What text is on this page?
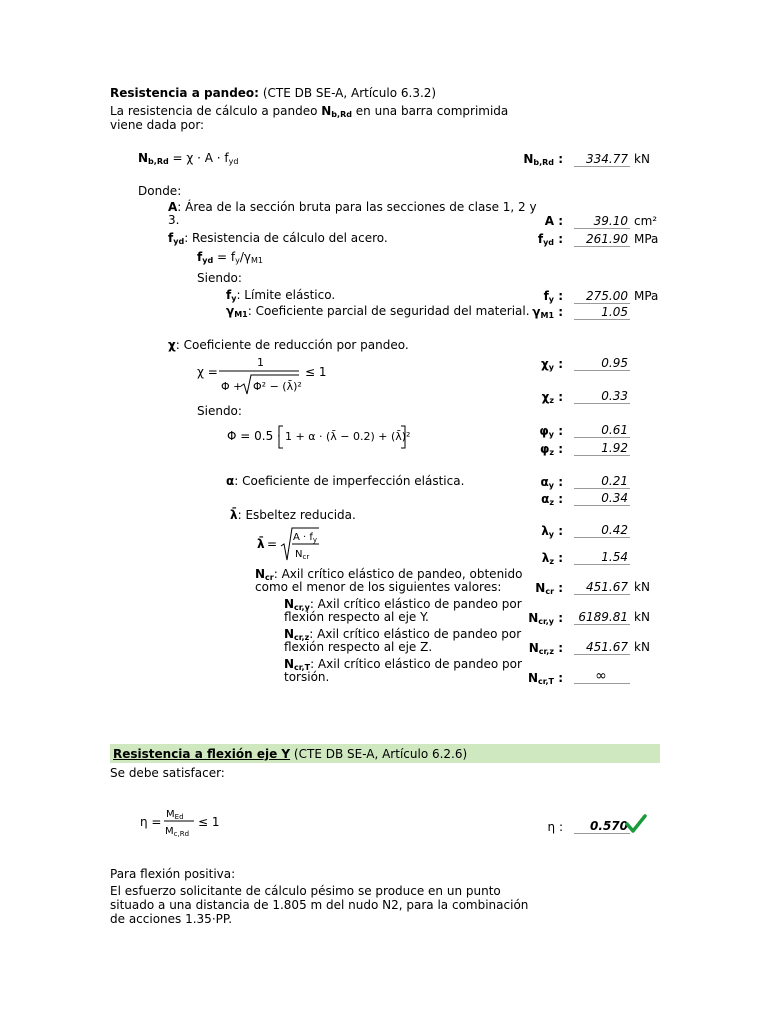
Resistencia a pandeo: (CTE DB SE-A, Artículo 6.3.2)
La resistencia de cálculo a pandeo $N_{b,Rd}$ en una barra comprimida
viene dada por:
$N_{b,Rd} = \chi \cdot A \cdot f_{yd}$	$N_{b,Rd}$ :	334.77 kN
Donde:
A: Área de la sección bruta para las secciones de clase 1, 2 y
3.	A :	39.10 cm²
$f_{yd}$: Resistencia de cálculo del acero.	$f_{yd}$ :	261.90 MPa
$f_{yd} = f_y/\gamma_{M1}$
Siendo:
$f_y$: Límite elástico.	$f_y$ :	275.00 MPa
$\gamma_{M1}$: Coeficiente parcial de seguridad del material. $\gamma_{M1}$ :	1.05
χ: Coeficiente de reducción por pandeo.
χ =
1
Φ + Φ² − (λ̄)²
≤ 1
$\chi_y$ :	0.95
$\chi_z$ :	0.33
Siendo:
Φ = 0.5 · 1 + α · (λ̄ − 0.2) + (λ̄)²	$\varphi_y$ :	0.61
$\varphi_z$ :	1.92
α: Coeficiente de imperfección elástica.	$\alpha_y$ :	0.21
$\alpha_z$ :	0.34
λ̄: Esbeltez reducida.
λ̄ = $A \cdot f_y$
$N_{cr}$
$\lambda_y$ :	0.42
$\lambda_z$ :	1.54
$N_{cr}$: Axil crítico elástico de pandeo, obtenido
como el menor de los siguientes valores:	$N_{cr}$ :	451.67 kN
$N_{cr,y}$: Axil crítico elástico de pandeo por
flexión respecto al eje Y.	$N_{cr,y}$ :	6189.81 kN
$N_{cr,z}$: Axil crítico elástico de pandeo por
flexión respecto al eje Z.	$N_{cr,z}$ :	451.67 kN
$N_{cr,T}$: Axil crítico elástico de pandeo por
torsión.	$N_{cr,T}$ :	∞
Resistencia a flexión eje Y (CTE DB SE-A, Artículo 6.2.6)
Se debe satisfacer:
η =
$M_{Ed}$
$M_{c,Rd}$
≤ 1	η :	0.570
Para flexión positiva:
El esfuerzo solicitante de cálculo pésimo se produce en un punto
situado a una distancia de 1.805 m del nudo N2, para la combinación
de acciones 1.35·PP.
